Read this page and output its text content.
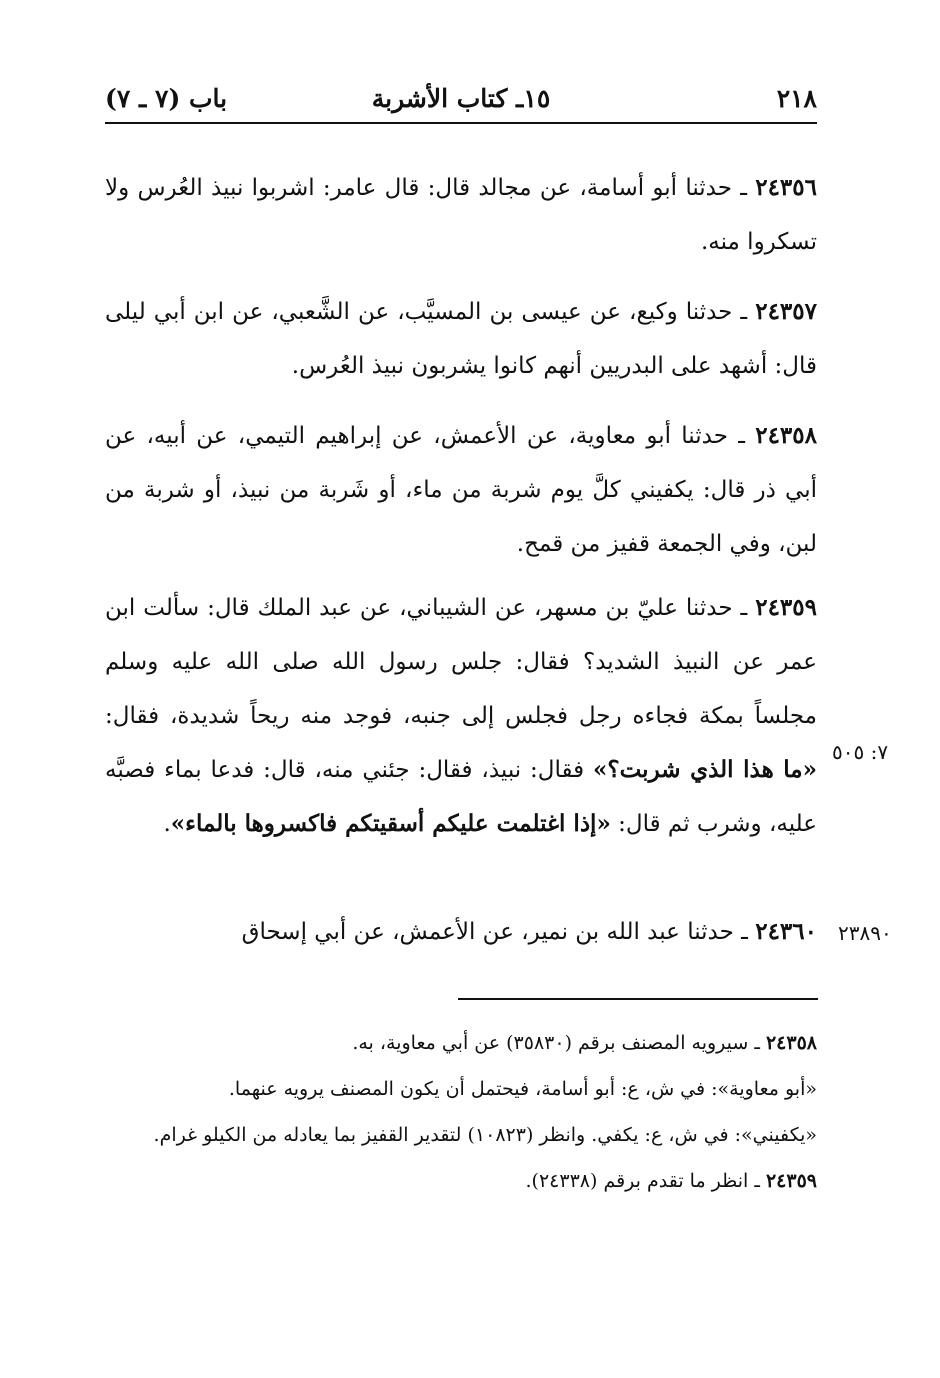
٢١٨
١٥ـ كتاب الأشربة
باب (٧ ـ ٧)

٢٤٣٥٦ ـ حدثنا أبو أسامة، عن مجالد قال: قال عامر: اشربوا نبيذ العُرس ولا تسكروا منه.

٢٤٣٥٧ ـ حدثنا وكيع، عن عيسى بن المسيَّب، عن الشَّعبي، عن ابن أبي ليلى قال: أشهد على البدريين أنهم كانوا يشربون نبيذ العُرس.

٢٤٣٥٨ ـ حدثنا أبو معاوية، عن الأعمش، عن إبراهيم التيمي، عن أبيه، عن أبي ذر قال: يكفيني كلَّ يوم شربة من ماء، أو شَربة من نبيذ، أو شربة من لبن، وفي الجمعة قفيز من قمح.

٢٤٣٥٩ ـ حدثنا عليّ بن مسهر، عن الشيباني، عن عبد الملك قال: سألت ابن عمر عن النبيذ الشديد؟ فقال: جلس رسول الله صلى الله عليه وسلم مجلساً بمكة فجاءه رجل فجلس إلى جنبه، فوجد منه ريحاً شديدة، فقال: «ما هذا الذي شربت؟» فقال: نبيذ، فقال: جئني منه، قال: فدعا بماء فصبَّه عليه، وشرب ثم قال: «إذا اغتلمت عليكم أسقيتكم فاكسروها بالماء».

٧: ٥٠٥

٢٤٣٦٠ ـ حدثنا عبد الله بن نمير، عن الأعمش، عن أبي إسحاق	٢٣٨٩٠

٢٤٣٥٨ ـ سيرويه المصنف برقم (٣٥٨٣٠) عن أبي معاوية، به.

«أبو معاوية»: في ش، ع: أبو أسامة، فيحتمل أن يكون المصنف يرويه عنهما.

«يكفيني»: في ش، ع: يكفي. وانظر (١٠٨٢٣) لتقدير القفيز بما يعادله من الكيلو غرام.

٢٤٣٥٩ ـ انظر ما تقدم برقم (٢٤٣٣٨).
